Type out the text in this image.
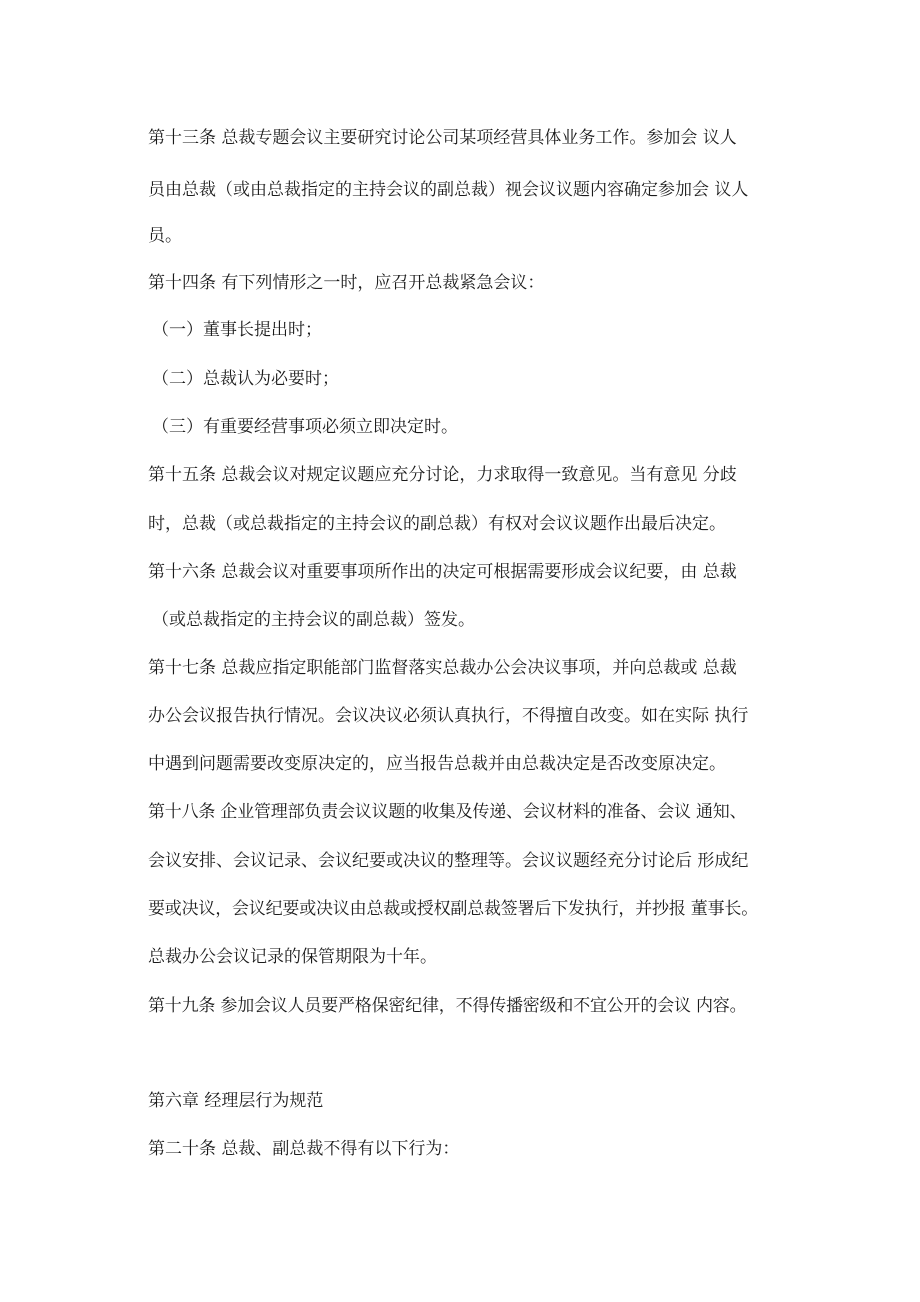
第十三条 总裁专题会议主要研究讨论公司某项经营具体业务工作。参加会 议人
员由总裁（或由总裁指定的主持会议的副总裁）视会议议题内容确定参加会 议人
员。
第十四条 有下列情形之一时，应召开总裁紧急会议：
（一）董事长提出时；
（二）总裁认为必要时；
（三）有重要经营事项必须立即决定时。
第十五条 总裁会议对规定议题应充分讨论，力求取得一致意见。当有意见 分歧
时，总裁（或总裁指定的主持会议的副总裁）有权对会议议题作出最后决定。
第十六条 总裁会议对重要事项所作出的决定可根据需要形成会议纪要，由 总裁
（或总裁指定的主持会议的副总裁）签发。
第十七条 总裁应指定职能部门监督落实总裁办公会决议事项，并向总裁或 总裁
办公会议报告执行情况。会议决议必须认真执行，不得擅自改变。如在实际 执行
中遇到问题需要改变原决定的，应当报告总裁并由总裁决定是否改变原决定。
第十八条 企业管理部负责会议议题的收集及传递、会议材料的准备、会议 通知、
会议安排、会议记录、会议纪要或决议的整理等。会议议题经充分讨论后 形成纪
要或决议，会议纪要或决议由总裁或授权副总裁签署后下发执行，并抄报 董事长。
总裁办公会议记录的保管期限为十年。
第十九条 参加会议人员要严格保密纪律，不得传播密级和不宜公开的会议 内容。
第六章 经理层行为规范
第二十条 总裁、副总裁不得有以下行为：
